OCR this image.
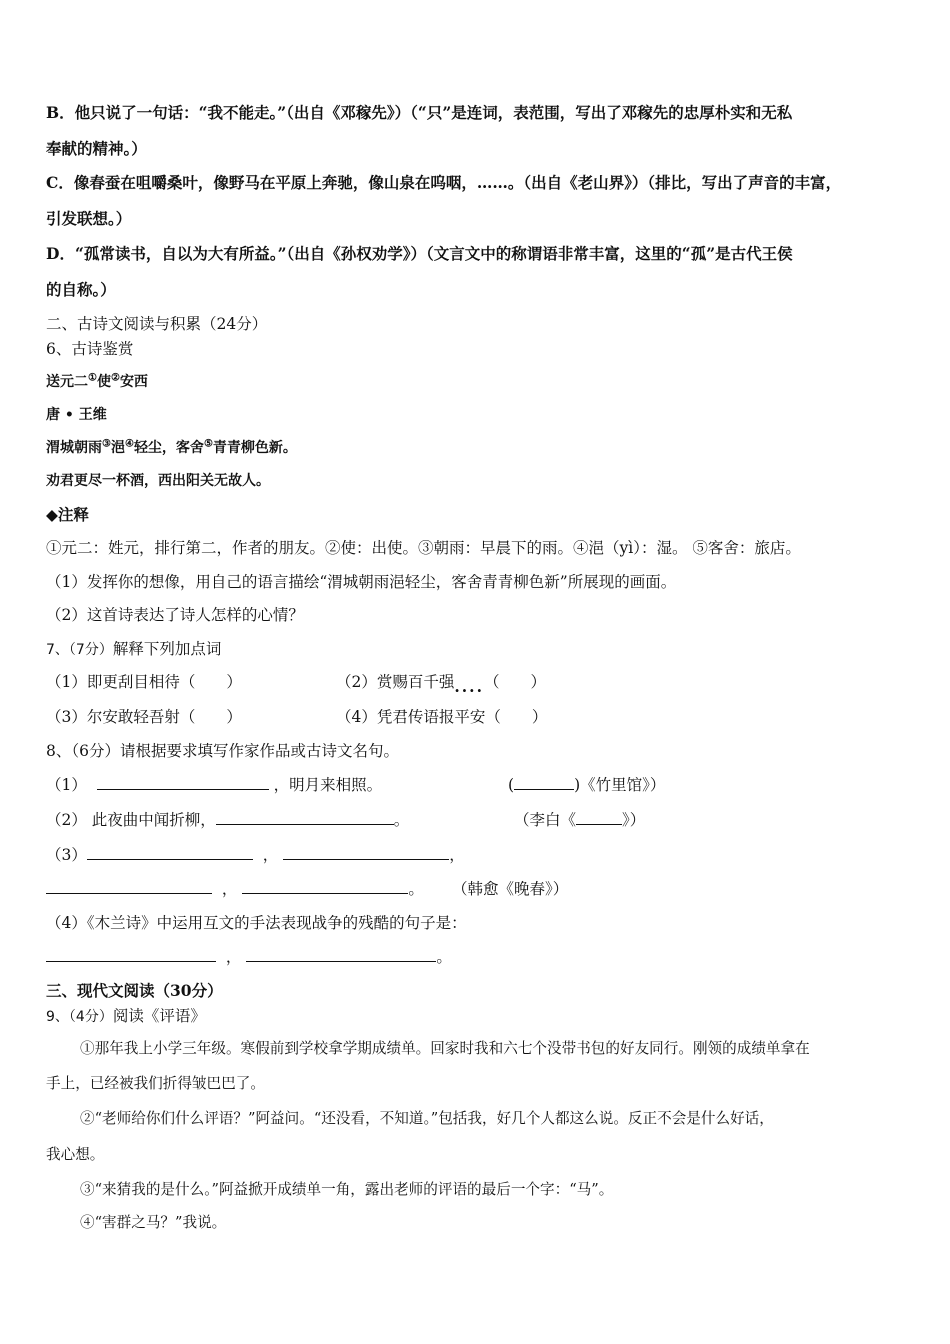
B．他只说了一句话：“我不能走。”（出自《邓稼先》）（“只”是连词，表范围，写出了邓稼先的忠厚朴实和无私
奉献的精神。）
C．像春蚕在咀嚼桑叶，像野马在平原上奔驰，像山泉在呜咽，……。（出自《老山界》）（排比，写出了声音的丰富，
引发联想。）
D．“孤常读书，自以为大有所益。”（出自《孙权劝学》）（文言文中的称谓语非常丰富，这里的“孤”是古代王侯
的自称。）
二、古诗文阅读与积累（24分）
6、古诗鉴赏
送元二①使②安西
唐 • 王维
渭城朝雨③浥④轻尘，客舍⑤青青柳色新。
劝君更尽一杯酒，西出阳关无故人。
◆注释
①元二：姓元，排行第二，作者的朋友。②使：出使。③朝雨：早晨下的雨。④浥（yì）：湿。 ⑤客舍：旅店。
（1）发挥你的想像，用自己的语言描绘“渭城朝雨浥轻尘，客舍青青柳色新”所展现的画面。
（2）这首诗表达了诗人怎样的心情？
7、（7分）解释下列加点词
（1）即更刮目相待（　　）	（2）赏赐百千强....（　　）
（3）尔安敢轻吾射（　　）	（4）凭君传语报平安（　　）
8、（6分）请根据要求填写作家作品或古诗文名句。
（1）	，明月来相照。	(	)《竹里馆》）
（2） 此夜曲中闻折柳，	。	（李白《	》）
（3）	，	，
，	。 （韩愈《晚春》）
（4）《木兰诗》中运用互文的手法表现战争的残酷的句子是：
，	。
三、现代文阅读（30分）
9、（4分）阅读《评语》
①那年我上小学三年级。寒假前到学校拿学期成绩单。回家时我和六七个没带书包的好友同行。刚领的成绩单拿在
手上，已经被我们折得皱巴巴了。
②“老师给你们什么评语？”阿益问。“还没看，不知道。”包括我，好几个人都这么说。反正不会是什么好话，
我心想。
③“来猜我的是什么。”阿益掀开成绩单一角，露出老师的评语的最后一个字：“马”。
④“害群之马？”我说。
